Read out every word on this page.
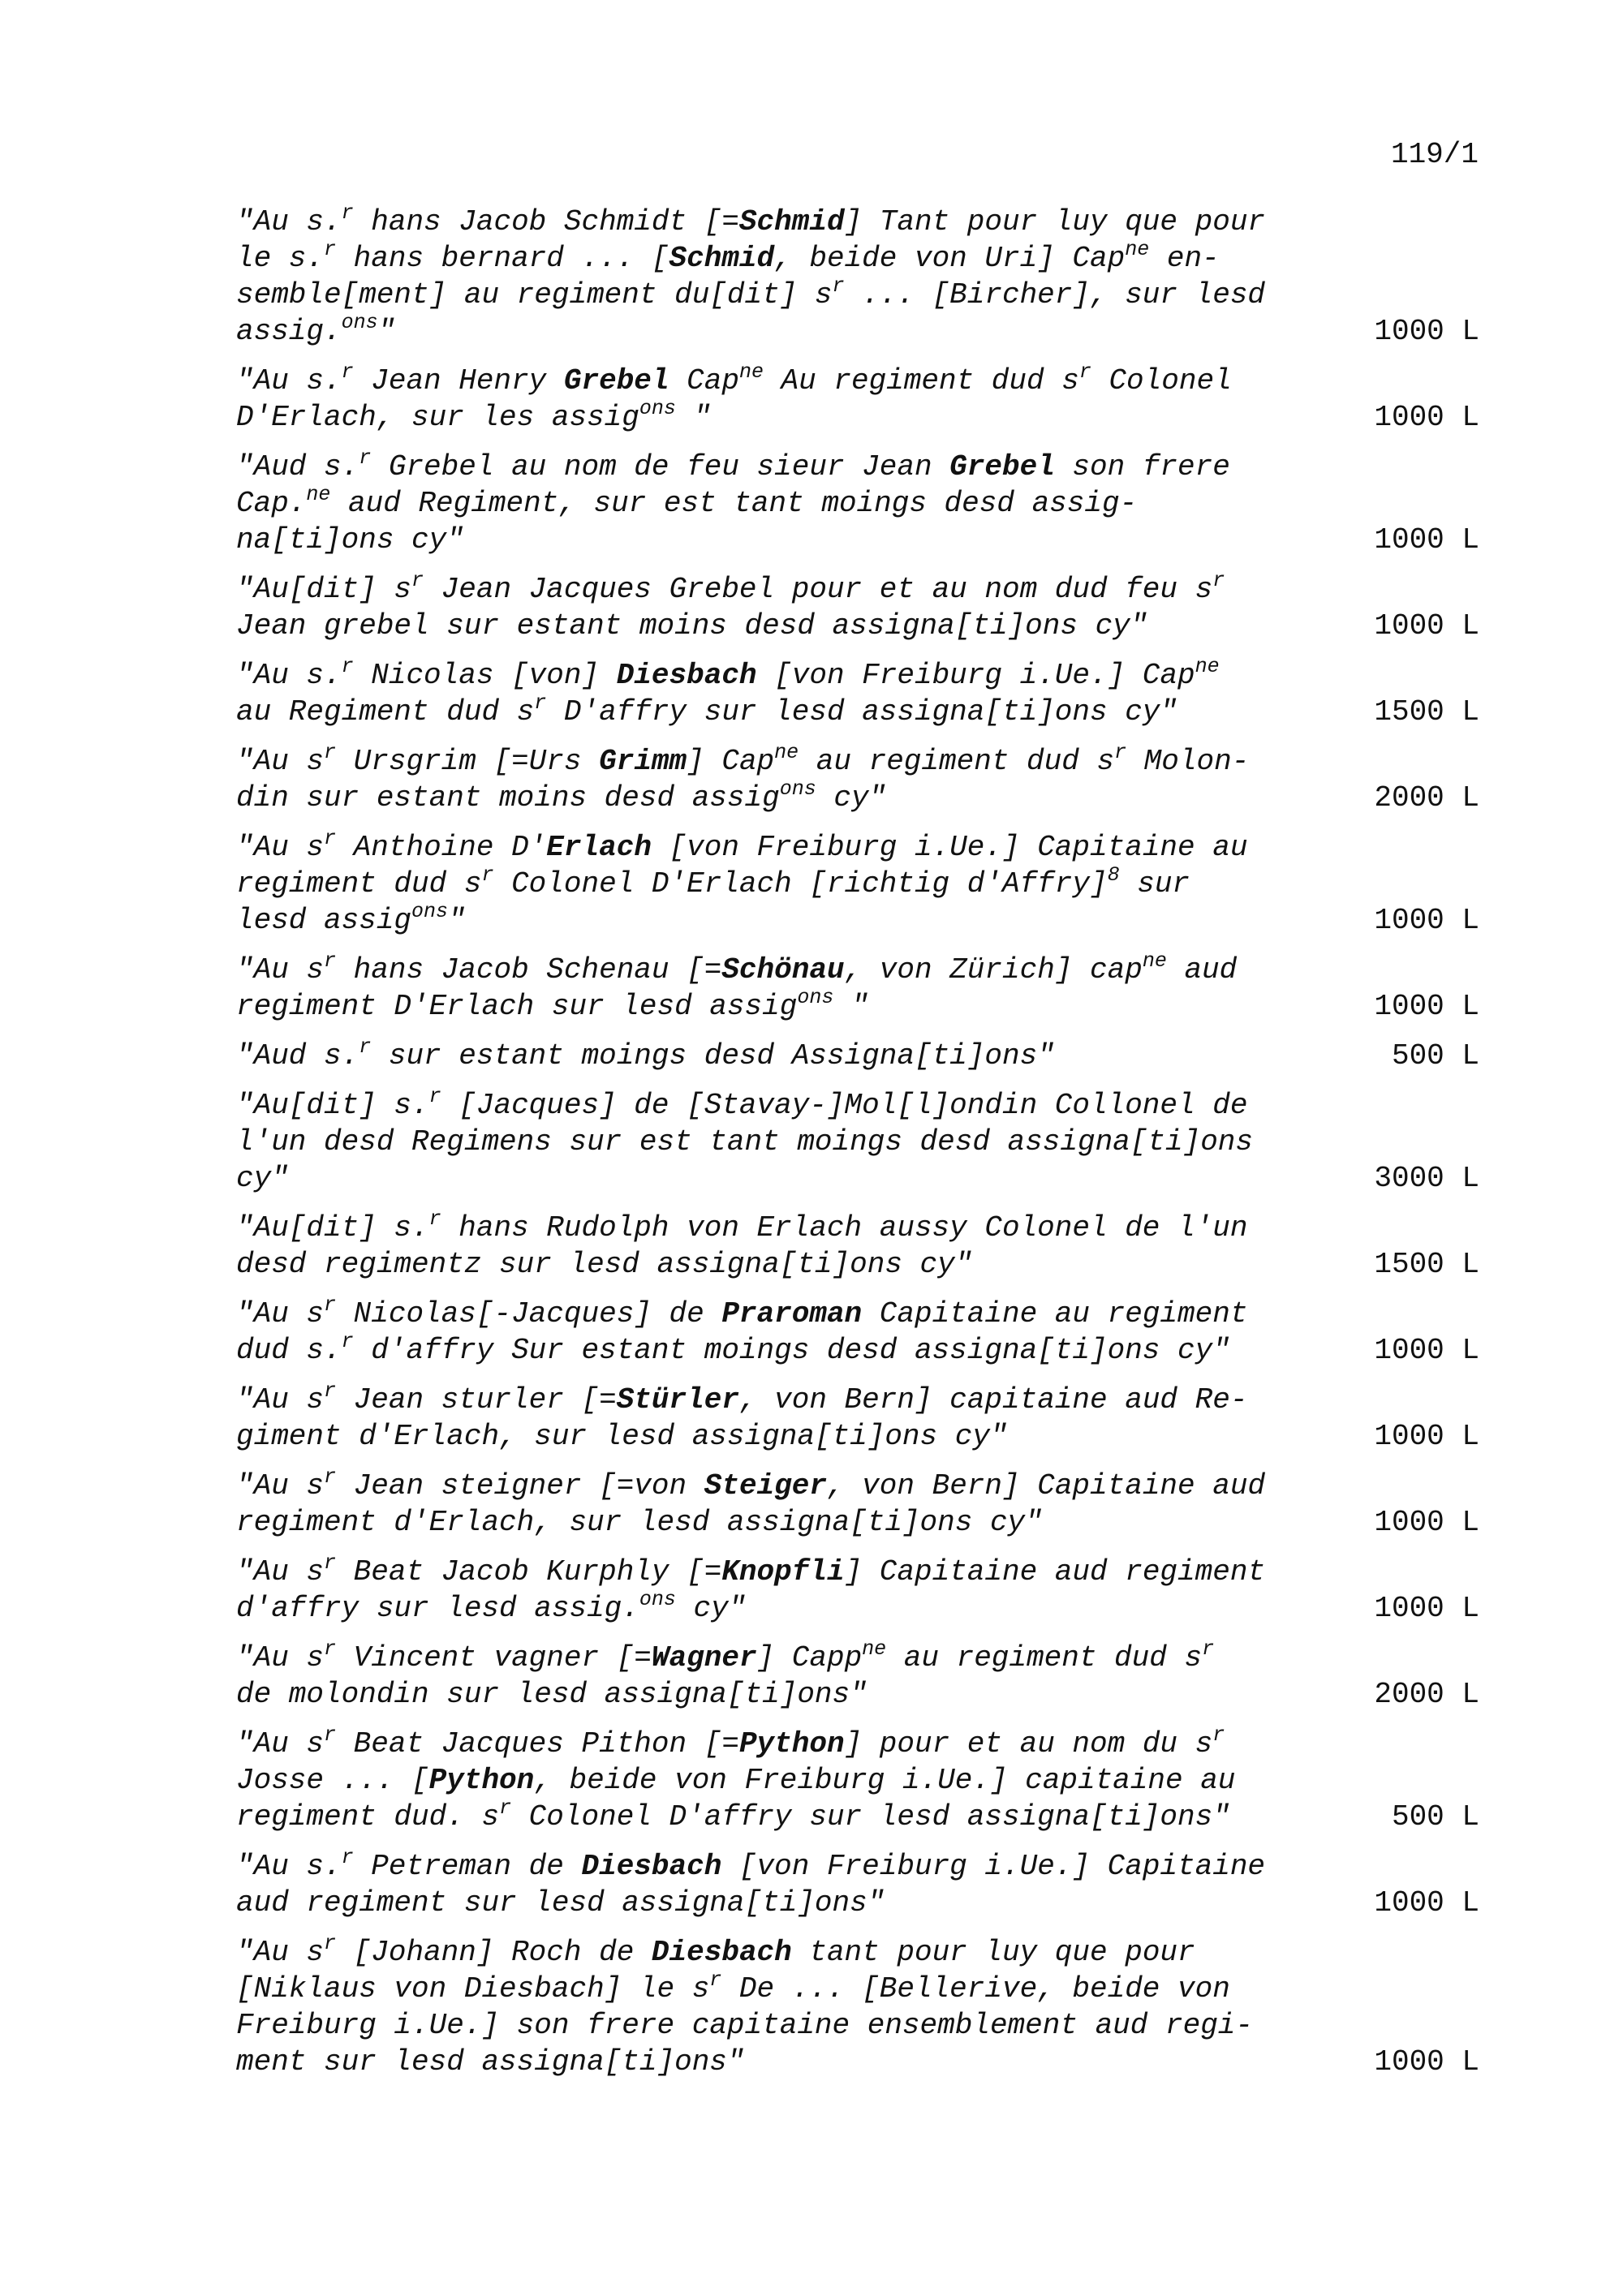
119/1
"Au s.$^r$ hans Jacob Schmidt [=Schmid] Tant pour luy que pour
le s.$^r$ hans bernard ... [Schmid, beide von Uri] Cap$^{ne}$ en-
semble[ment] au regiment du[dit] $s^r$ ... [Bircher], sur lesd
assig.$^{ons}$"	1000 L
"Au s.$^r$ Jean Henry Grebel Cap$^{ne}$ Au regiment dud $s^r$ Colonel
D'Erlach, sur les assig$^{ons}$ "	1000 L
"Aud s.$^r$ Grebel au nom de feu sieur Jean Grebel son frere
Cap.$^{ne}$ aud Regiment, sur est tant moings desd assig-
na[ti]ons cy"	1000 L
"Au[dit] $s^r$ Jean Jacques Grebel pour et au nom dud feu $s^r$
Jean grebel sur estant moins desd assigna[ti]ons cy"	1000 L
"Au s.$^r$ Nicolas [von] Diesbach [von Freiburg i.Ue.] Cap$^{ne}$
au Regiment dud $s^r$ D'affry sur lesd assigna[ti]ons cy"	1500 L
"Au $s^r$ Ursgrim [=Urs Grimm] Cap$^{ne}$ au regiment dud $s^r$ Molon-
din sur estant moins desd assig$^{ons}$ cy"	2000 L
"Au $s^r$ Anthoine D'Erlach [von Freiburg i.Ue.] Capitaine au
regiment dud $s^r$ Colonel D'Erlach [richtig d'Affry]$^8$ sur
lesd assig$^{ons}$"	1000 L
"Au $s^r$ hans Jacob Schenau [=Schönau, von Zürich] cap$^{ne}$ aud
regiment D'Erlach sur lesd assig$^{ons}$ "	1000 L
"Aud s.$^r$ sur estant moings desd Assigna[ti]ons"	500 L
"Au[dit] s.$^r$ [Jacques] de [Stavay-]Mol[l]ondin Collonel de
l'un desd Regimens sur est tant moings desd assigna[ti]ons
cy"	3000 L
"Au[dit] s.$^r$ hans Rudolph von Erlach aussy Colonel de l'un
desd regimentz sur lesd assigna[ti]ons cy"	1500 L
"Au $s^r$ Nicolas[-Jacques] de Praroman Capitaine au regiment
dud s.$^r$ d'affry Sur estant moings desd assigna[ti]ons cy"	1000 L
"Au $s^r$ Jean sturler [=Stürler, von Bern] capitaine aud Re-
giment d'Erlach, sur lesd assigna[ti]ons cy"	1000 L
"Au $s^r$ Jean steigner [=von Steiger, von Bern] Capitaine aud
regiment d'Erlach, sur lesd assigna[ti]ons cy"	1000 L
"Au $s^r$ Beat Jacob Kurphly [=Knopfli] Capitaine aud regiment
d'affry sur lesd assig.$^{ons}$ cy"	1000 L
"Au $s^r$ Vincent vagner [=Wagner] Capp$^{ne}$ au regiment dud $s^r$
de molondin sur lesd assigna[ti]ons"	2000 L
"Au $s^r$ Beat Jacques Pithon [=Python] pour et au nom du $s^r$
Josse ... [Python, beide von Freiburg i.Ue.] capitaine au
regiment dud. $s^r$ Colonel D'affry sur lesd assigna[ti]ons"	500 L
"Au s.$^r$ Petreman de Diesbach [von Freiburg i.Ue.] Capitaine
aud regiment sur lesd assigna[ti]ons"	1000 L
"Au $s^r$ [Johann] Roch de Diesbach tant pour luy que pour
[Niklaus von Diesbach] le $s^r$ De ... [Bellerive, beide von
Freiburg i.Ue.] son frere capitaine ensemblement aud regi-
ment sur lesd assigna[ti]ons"	1000 L
